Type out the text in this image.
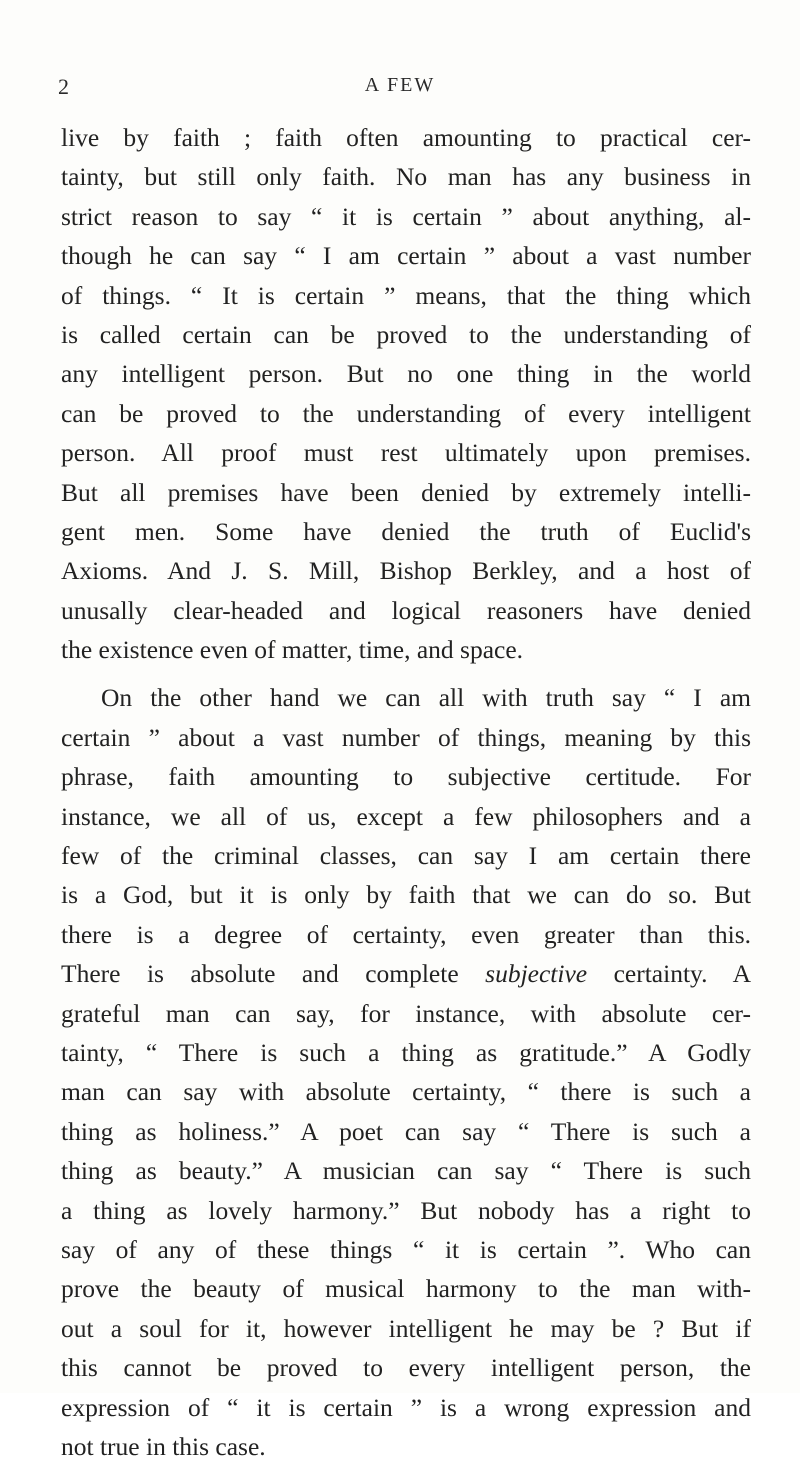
2	A FEW
live by faith ; faith often amounting to practical cer-
tainty, but still only faith. No man has any business in
strict reason to say “ it is certain ” about anything, al-
though he can say “ I am certain ” about a vast number
of things. “ It is certain ” means, that the thing which
is called certain can be proved to the understanding of
any intelligent person. But no one thing in the world
can be proved to the understanding of every intelligent
person. All proof must rest ultimately upon premises.
But all premises have been denied by extremely intelli-
gent men. Some have denied the truth of Euclid's
Axioms. And J. S. Mill, Bishop Berkley, and a host of
unusally clear-headed and logical reasoners have denied
the existence even of matter, time, and space.
On the other hand we can all with truth say “ I am
certain ” about a vast number of things, meaning by this
phrase, faith amounting to subjective certitude. For
instance, we all of us, except a few philosophers and a
few of the criminal classes, can say I am certain there
is a God, but it is only by faith that we can do so. But
there is a degree of certainty, even greater than this.
There is absolute and complete subjective certainty. A
grateful man can say, for instance, with absolute cer-
tainty, “ There is such a thing as gratitude.” A Godly
man can say with absolute certainty, “ there is such a
thing as holiness.” A poet can say “ There is such a
thing as beauty.” A musician can say “ There is such
a thing as lovely harmony.” But nobody has a right to
say of any of these things “ it is certain ”. Who can
prove the beauty of musical harmony to the man with-
out a soul for it, however intelligent he may be ? But if
this cannot be proved to every intelligent person, the
expression of “ it is certain ” is a wrong expression and
not true in this case.
